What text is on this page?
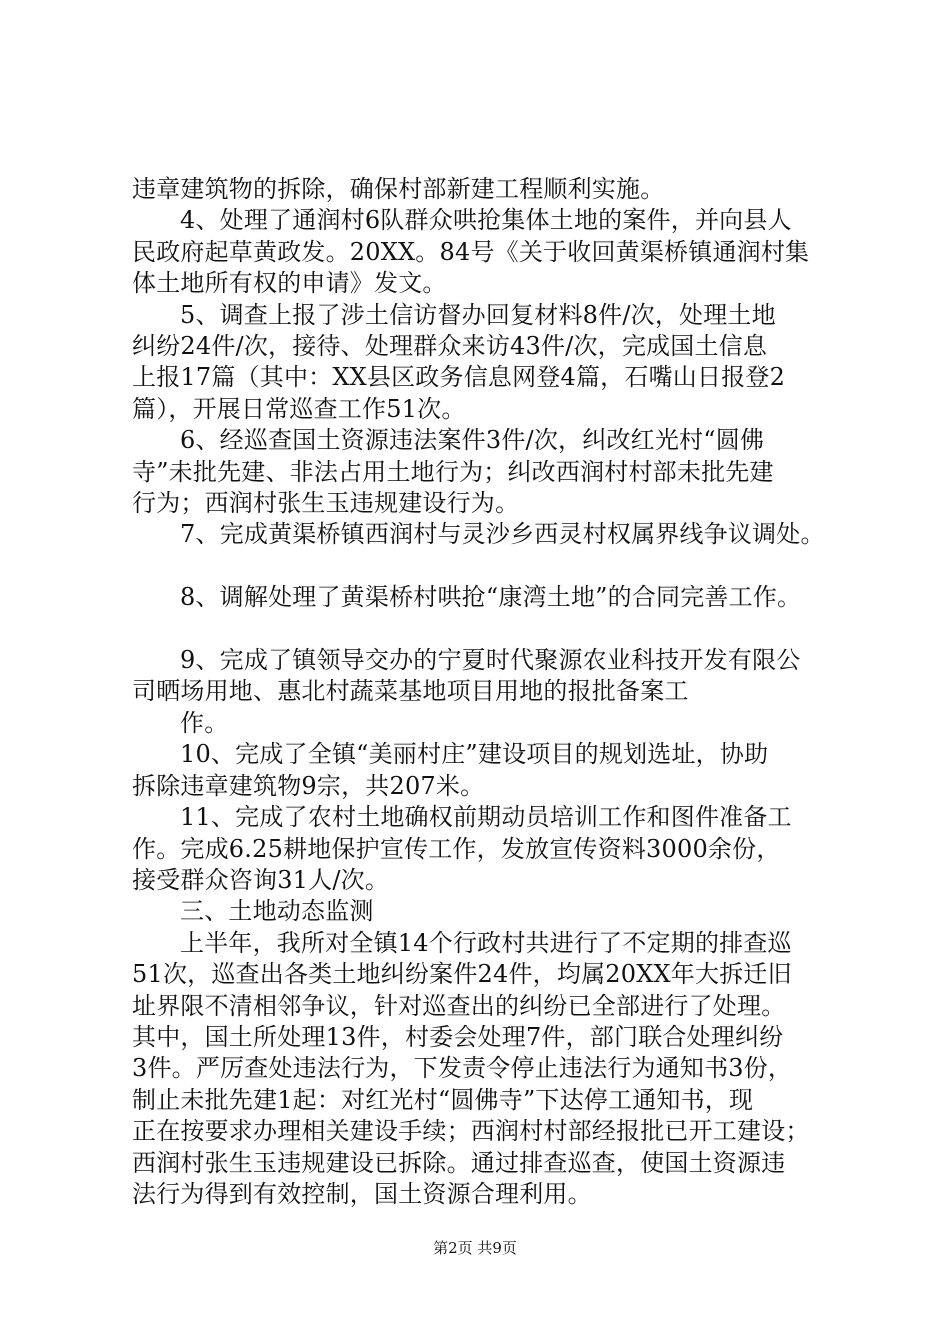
违章建筑物的拆除，确保村部新建工程顺利实施。
4、处理了通润村6队群众哄抢集体土地的案件，并向县人
民政府起草黄政发。20XX。84号《关于收回黄渠桥镇通润村集
体土地所有权的申请》发文。
5、调查上报了涉土信访督办回复材料8件/次，处理土地
纠纷24件/次，接待、处理群众来访43件/次，完成国土信息
上报17篇（其中：XX县区政务信息网登4篇，石嘴山日报登2
篇），开展日常巡查工作51次。
6、经巡查国土资源违法案件3件/次，纠改红光村“圆佛
寺”未批先建、非法占用土地行为；纠改西润村村部未批先建
行为；西润村张生玉违规建设行为。
7、完成黄渠桥镇西润村与灵沙乡西灵村权属界线争议调处。
8、调解处理了黄渠桥村哄抢“康湾土地”的合同完善工作。
9、完成了镇领导交办的宁夏时代聚源农业科技开发有限公
司晒场用地、惠北村蔬菜基地项目用地的报批备案工
作。
10、完成了全镇“美丽村庄”建设项目的规划选址，协助
拆除违章建筑物9宗，共207米。
11、完成了农村土地确权前期动员培训工作和图件准备工
作。完成6.25耕地保护宣传工作，发放宣传资料3000余份，
接受群众咨询31人/次。
三、土地动态监测
上半年，我所对全镇14个行政村共进行了不定期的排查巡
51次，巡查出各类土地纠纷案件24件，均属20XX年大拆迁旧
址界限不清相邻争议，针对巡查出的纠纷已全部进行了处理。
其中，国土所处理13件，村委会处理7件，部门联合处理纠纷
3件。严厉查处违法行为，下发责令停止违法行为通知书3份，
制止未批先建1起：对红光村“圆佛寺”下达停工通知书，现
正在按要求办理相关建设手续；西润村村部经报批已开工建设；
西润村张生玉违规建设已拆除。通过排查巡查，使国土资源违
法行为得到有效控制，国土资源合理利用。
第2页 共9页
